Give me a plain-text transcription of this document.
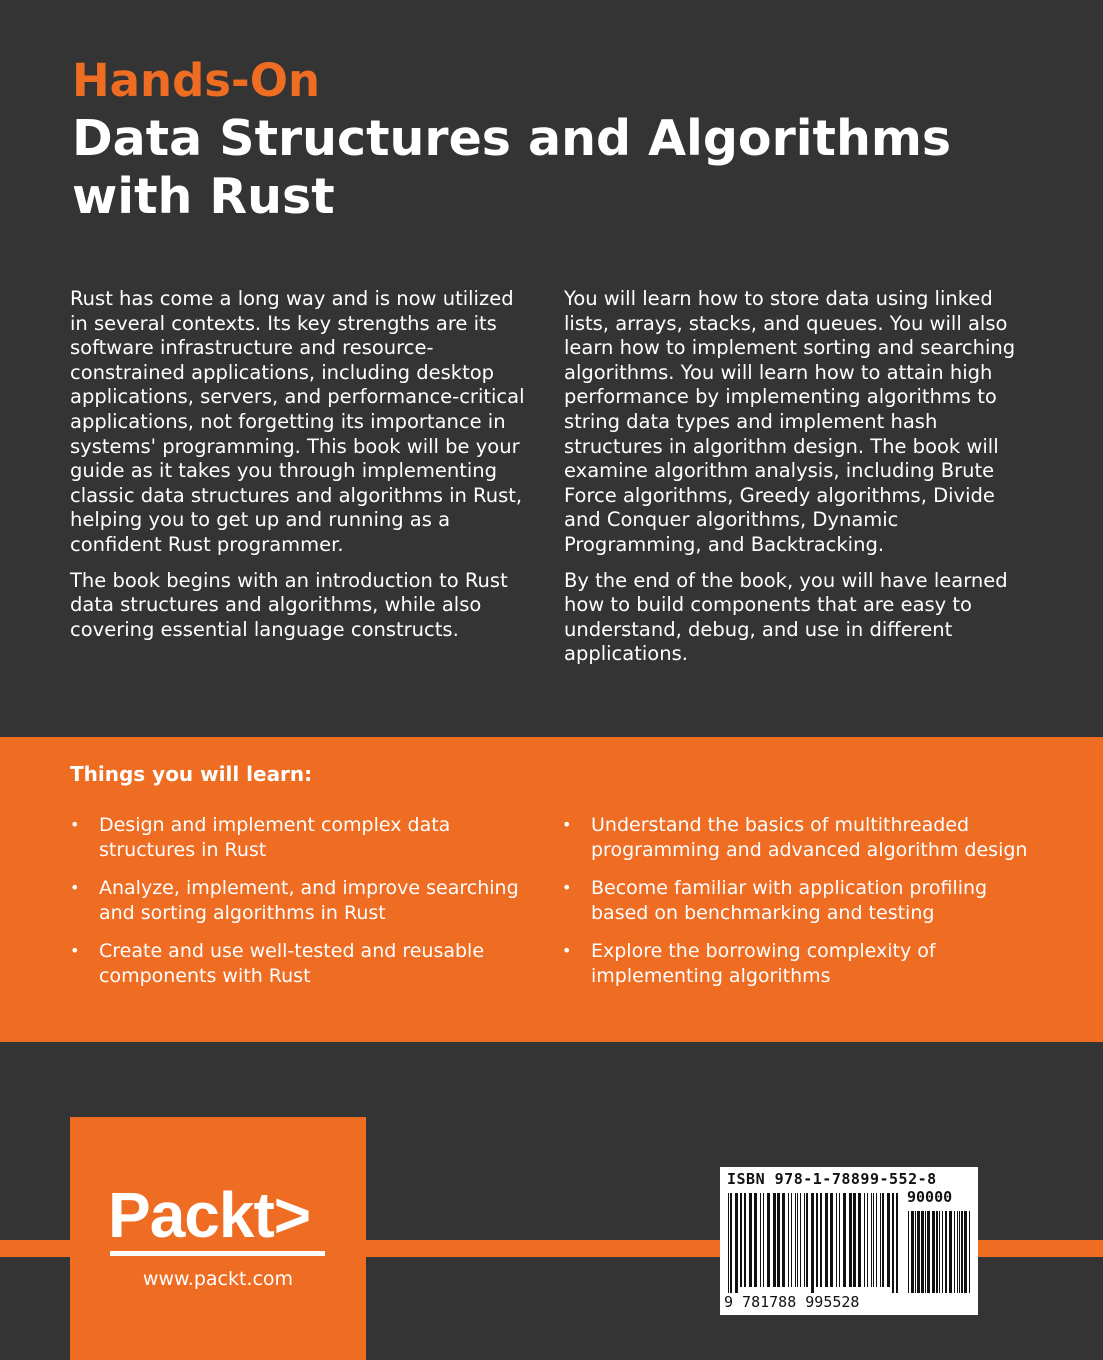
Hands-On
Data Structures and Algorithms
with Rust

Rust has come a long way and is now utilized in several contexts. Its key strengths are its software infrastructure and resource-constrained applications, including desktop applications, servers, and performance-critical applications, not forgetting its importance in systems' programming. This book will be your guide as it takes you through implementing classic data structures and algorithms in Rust, helping you to get up and running as a confident Rust programmer.

The book begins with an introduction to Rust data structures and algorithms, while also covering essential language constructs.

You will learn how to store data using linked lists, arrays, stacks, and queues. You will also learn how to implement sorting and searching algorithms. You will learn how to attain high performance by implementing algorithms to string data types and implement hash structures in algorithm design. The book will examine algorithm analysis, including Brute Force algorithms, Greedy algorithms, Divide and Conquer algorithms, Dynamic Programming, and Backtracking.

By the end of the book, you will have learned how to build components that are easy to understand, debug, and use in different applications.

Things you will learn:
• Design and implement complex data structures in Rust
• Analyze, implement, and improve searching and sorting algorithms in Rust
• Create and use well-tested and reusable components with Rust
• Understand the basics of multithreaded programming and advanced algorithm design
• Become familiar with application profiling based on benchmarking and testing
• Explore the borrowing complexity of implementing algorithms
Packt>
www.packt.com
ISBN 978-1-78899-552-8
90000
9 781788 995528
